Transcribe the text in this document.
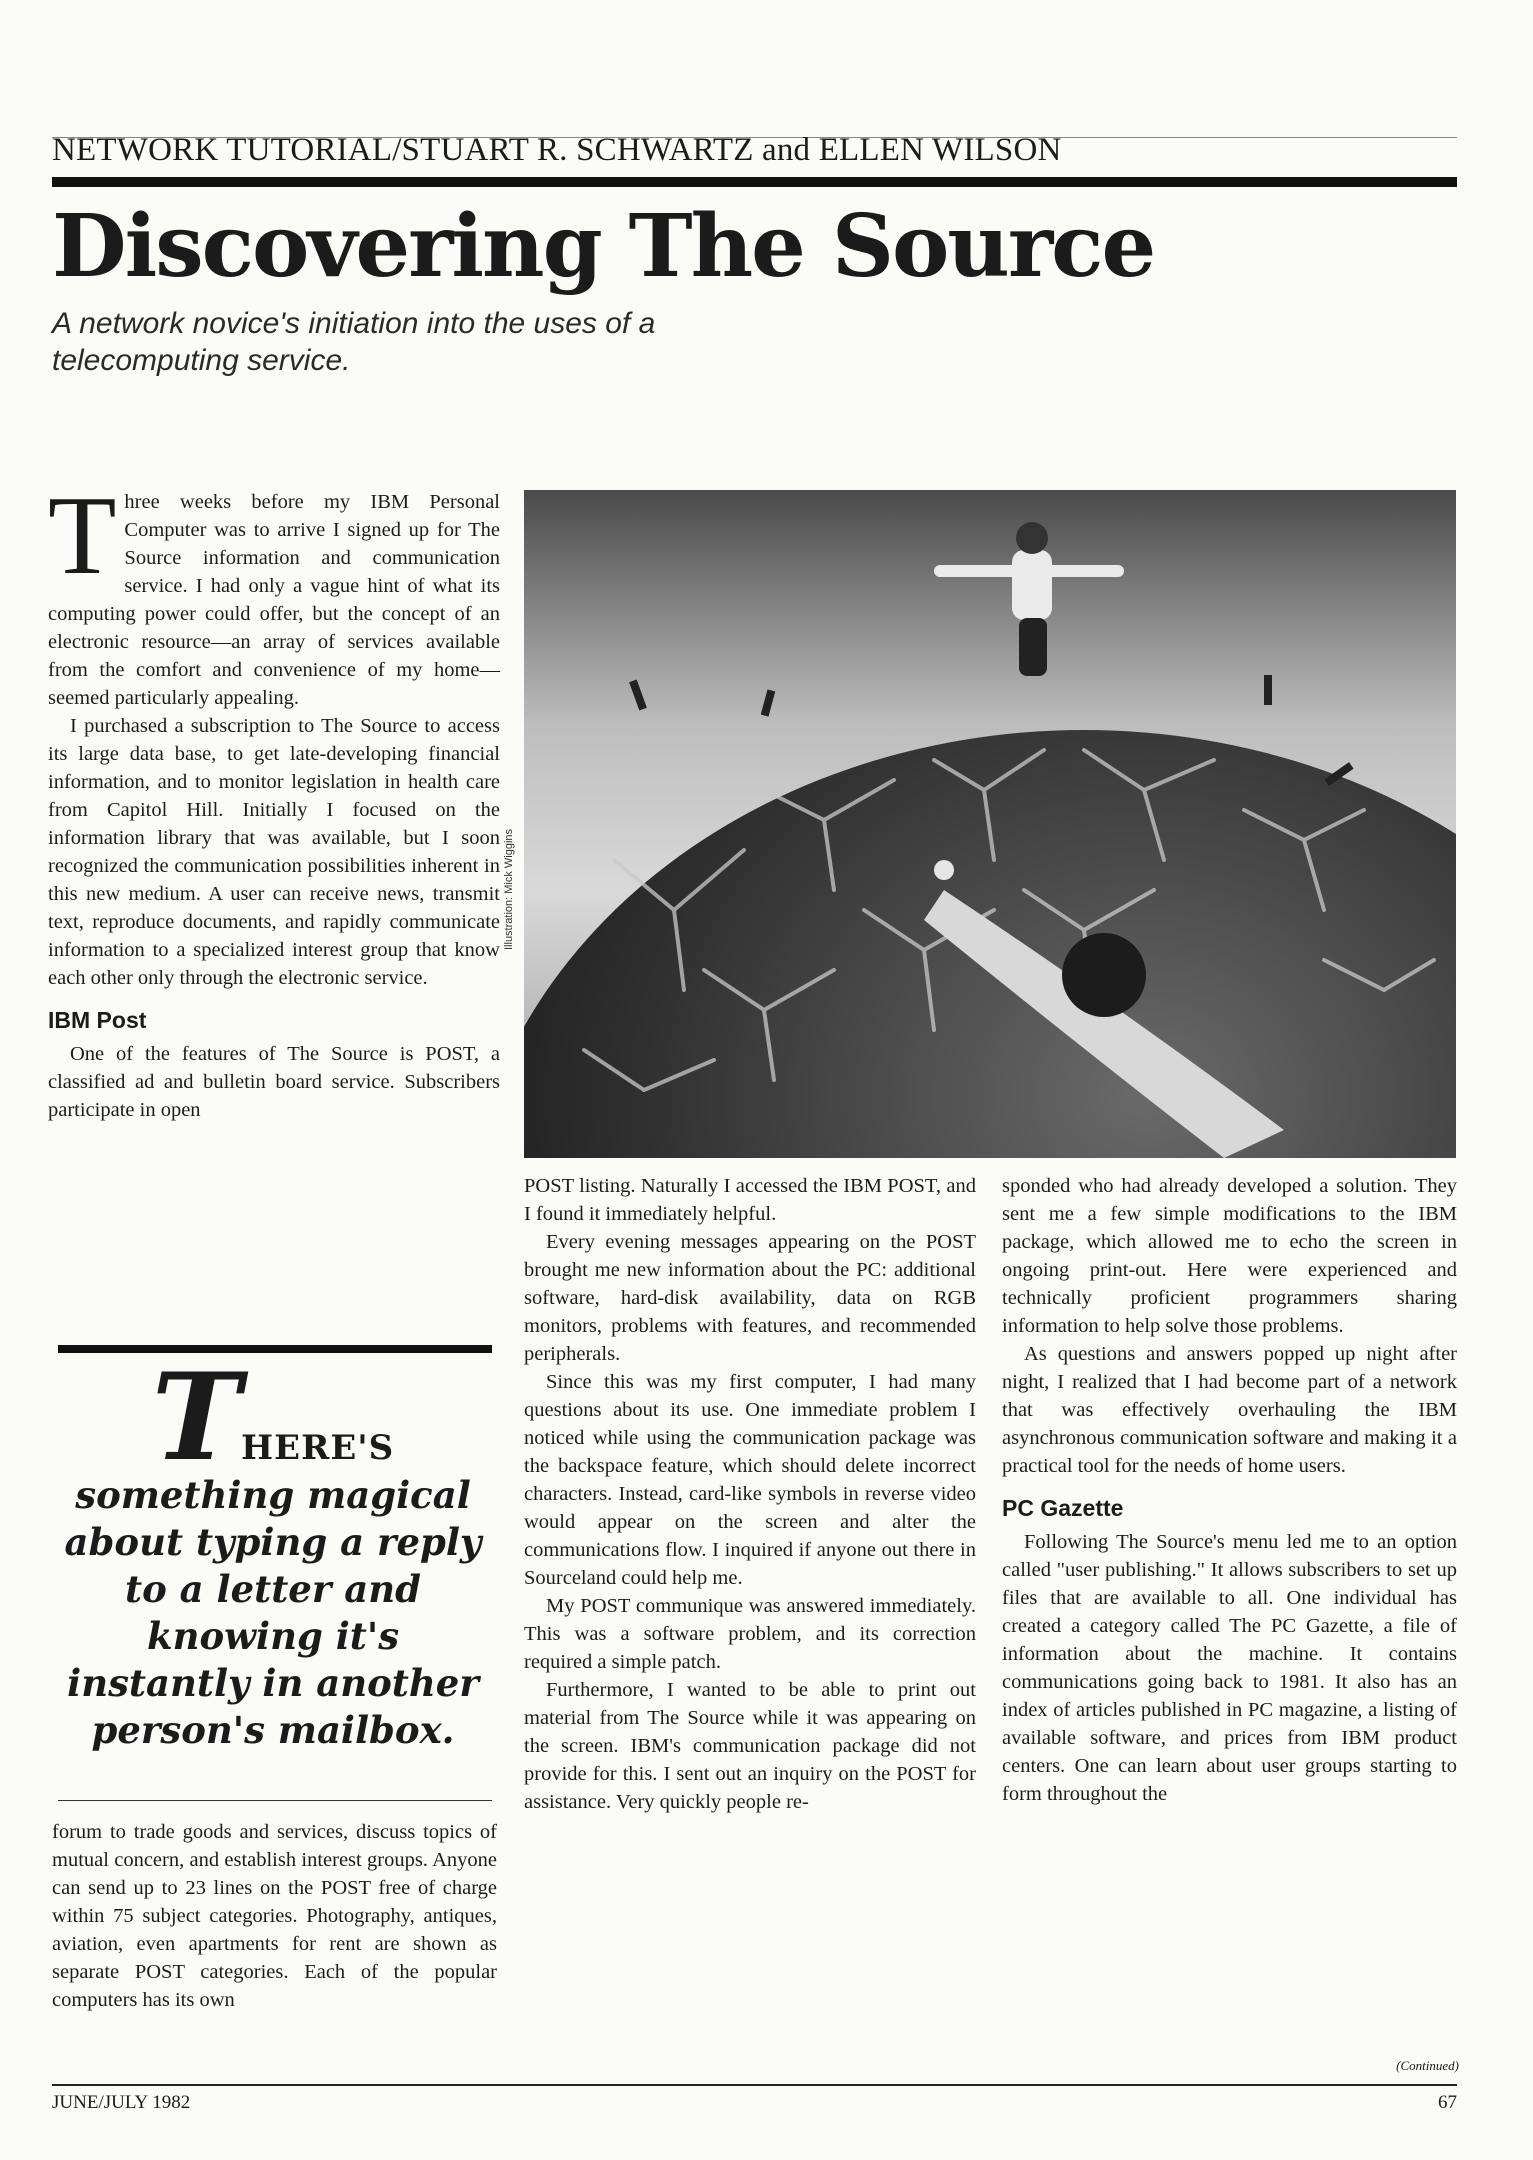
NETWORK TUTORIAL/STUART R. SCHWARTZ and ELLEN WILSON
Discovering The Source
A network novice's initiation into the uses of a telecomputing service.
Illustration: Mick Wiggins

Three weeks before my IBM Personal Computer was to arrive I signed up for The Source information and communication service. I had only a vague hint of what its computing power could offer, but the concept of an electronic resource—an array of services available from the comfort and convenience of my home—seemed particularly appealing.

I purchased a subscription to The Source to access its large data base, to get late-developing financial information, and to monitor legislation in health care from Capitol Hill. Initially I focused on the information library that was available, but I soon recognized the communication possibilities inherent in this new medium. A user can receive news, transmit text, reproduce documents, and rapidly communicate information to a specialized interest group that know each other only through the electronic service.

IBM Post

One of the features of The Source is POST, a classified ad and bulletin board service. Subscribers participate in open

THERE'S
something magical about typing a reply to a letter and knowing it's instantly in another person's mailbox.

forum to trade goods and services, discuss topics of mutual concern, and establish interest groups. Anyone can send up to 23 lines on the POST free of charge within 75 subject categories. Photography, antiques, aviation, even apartments for rent are shown as separate POST categories. Each of the popular computers has its own

POST listing. Naturally I accessed the IBM POST, and I found it immediately helpful.

Every evening messages appearing on the POST brought me new information about the PC: additional software, hard-disk availability, data on RGB monitors, problems with features, and recommended peripherals.

Since this was my first computer, I had many questions about its use. One immediate problem I noticed while using the communication package was the backspace feature, which should delete incorrect characters. Instead, card-like symbols in reverse video would appear on the screen and alter the communications flow. I inquired if anyone out there in Sourceland could help me.

My POST communique was answered immediately. This was a software problem, and its correction required a simple patch.

Furthermore, I wanted to be able to print out material from The Source while it was appearing on the screen. IBM's communication package did not provide for this. I sent out an inquiry on the POST for assistance. Very quickly people re-

sponded who had already developed a solution. They sent me a few simple modifications to the IBM package, which allowed me to echo the screen in ongoing print-out. Here were experienced and technically proficient programmers sharing information to help solve those problems.

As questions and answers popped up night after night, I realized that I had become part of a network that was effectively overhauling the IBM asynchronous communication software and making it a practical tool for the needs of home users.

PC Gazette

Following The Source's menu led me to an option called "user publishing." It allows subscribers to set up files that are available to all. One individual has created a category called The PC Gazette, a file of information about the machine. It contains communications going back to 1981. It also has an index of articles published in PC magazine, a listing of available software, and prices from IBM product centers. One can learn about user groups starting to form throughout the

(Continued)
JUNE/JULY 1982	67
